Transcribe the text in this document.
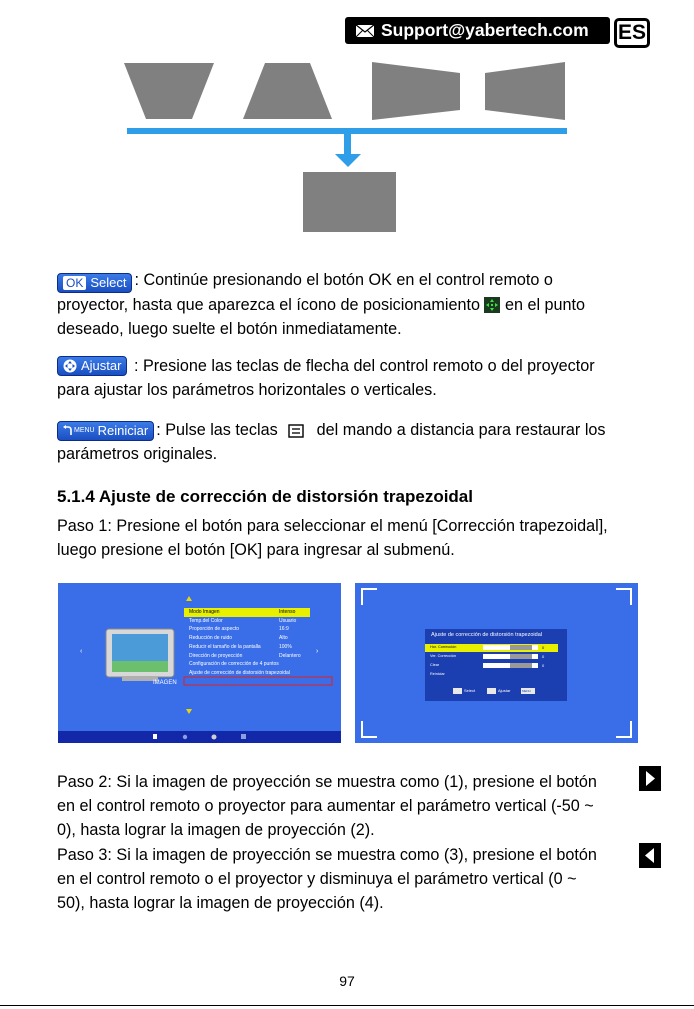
Support@yabertech.com ES
OK Select : Continúe presionando el botón OK en el control remoto o
proyector, hasta que aparezca el ícono de posicionamiento  en el punto
deseado, luego suelte el botón inmediatamente.
Ajustar : Presione las teclas de flecha del control remoto o del proyector
para ajustar los parámetros horizontales o verticales.
MENU Reiniciar : Pulse las teclas  del mando a distancia para restaurar los
parámetros originales.
5.1.4 Ajuste de corrección de distorsión trapezoidal
Paso 1: Presione el botón para seleccionar el menú [Corrección trapezoidal],
luego presione el botón [OK] para ingresar al submenú.
‹	›
IMAGEN
Modo Imagen	Intenso
Temp.del Color	Usuario
Proporción de aspecto	16:9
Reducción de ruido	Alto
Reducir el tamaño de la pantalla	100%
Dirección de proyección	Delantero
Configuración de corrección de 4 puntos
Ajuste de corrección de distorsión trapezoidal
Ajuste de corrección de distorsión trapezoidal
Hor. Corrección	0
Ver. Corrección	0
Clear	0
Reiniciar
Select	Ajustar	MENU
Paso 2: Si la imagen de proyección se muestra como (1), presione el botón
en el control remoto o proyector para aumentar el parámetro vertical (-50 ~
0), hasta lograr la imagen de proyección (2).
Paso 3: Si la imagen de proyección se muestra como (3), presione el botón
en el control remoto o el proyector y disminuya el parámetro vertical (0 ~
50), hasta lograr la imagen de proyección (4).
97
